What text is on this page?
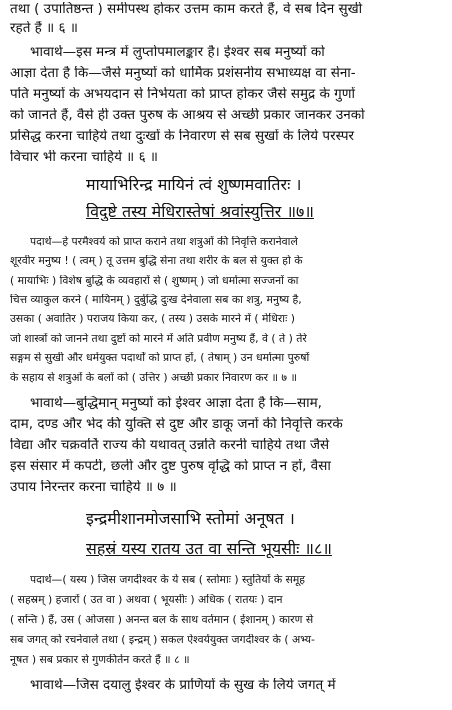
तथा ( उपातिष्ठन्त ) समीपस्थ होकर उत्तम काम करते हैं, वे सब दिन सुखी
रहते हैं ॥ ६ ॥
भावार्थ—इस मन्त्र में लुप्तोपमालङ्कार है। ईश्वर सब मनुष्यों को
आज्ञा देता है कि—जैसे मनुष्यों को धार्मिक प्रशंसनीय सभाध्यक्ष वा सेना-
पति मनुष्यों के अभयदान से निर्भयता को प्राप्त होकर जैसे समुद्र के गुणों
को जानते हैं, वैसे ही उक्त पुरुष के आश्रय से अच्छी प्रकार जानकर उनको
प्रसिद्ध करना चाहिये तथा दुःखों के निवारण से सब सुखों के लिये परस्पर
विचार भी करना चाहिये ॥ ६ ॥
मायाभिरिन्द्र मायिनं त्वं शुष्णमवातिरः ।
विदुष्टे तस्य मेधिरास्तेषां श्रवांस्युत्तिर ॥७॥
पदार्थ—हे परमैश्वर्य को प्राप्त कराने तथा शत्रुओं की निवृत्ति करानेवाले
शूरवीर मनुष्य ! ( त्वम् ) तू उत्तम बुद्धि सेना तथा शरीर के बल से युक्त हो के
( मायाभिः ) विशेष बुद्धि के व्यवहारों से ( शुष्णम् ) जो धर्मात्मा सज्जनों का
चित्त व्याकुल करने ( मायिनम् ) दुर्बुद्धि दुःख देनेवाला सब का शत्रु, मनुष्य है,
उसका ( अवातिर ) पराजय किया कर, ( तस्य ) उसके मारने में ( मेधिराः )
जो शास्त्रों को जानने तथा दुष्टों को मारने में अति प्रवीण मनुष्य हैं, वे ( ते ) तेरे
सङ्गम से सुखी और धर्मयुक्त पदार्थों को प्राप्त हों, ( तेषाम् ) उन धर्मात्मा पुरुषों
के सहाय से शत्रुओं के बलों को ( उत्तिर ) अच्छी प्रकार निवारण कर ॥ ७ ॥
भावार्थ—बुद्धिमान् मनुष्यों को ईश्वर आज्ञा देता है कि—साम,
दाम, दण्ड और भेद की युक्ति से दुष्ट और डाकू जनों की निवृत्ति करके
विद्या और चक्रवर्ति राज्य की यथावत् उन्नति करनी चाहिये तथा जैसे
इस संसार में कपटी, छली और दुष्ट पुरुष वृद्धि को प्राप्त न हों, वैसा
उपाय निरन्तर करना चाहिये ॥ ७ ॥
इन्द्रमीशानमोजसाभि स्तोमां अनूषत ।
सहस्रं यस्य रातय उत वा सन्ति भूयसीः ॥८॥
पदार्थ—( यस्य ) जिस जगदीश्वर के ये सब ( स्तोमाः ) स्तुतियों के समूह
( सहस्रम् ) हजारों ( उत वा ) अथवा ( भूयसीः ) अधिक ( रातयः ) दान
( सन्ति ) हैं, उस ( ओजसा ) अनन्त बल के साथ वर्तमान ( ईशानम् ) कारण से
सब जगत् को रचनेवाले तथा ( इन्द्रम् ) सकल ऐश्वर्ययुक्त जगदीश्वर के ( अभ्य-
नूषत ) सब प्रकार से गुणकीर्तन करते हैं ॥ ८ ॥
भावार्थ—जिस दयालु ईश्वर के प्राणियों के सुख के लिये जगत् में
